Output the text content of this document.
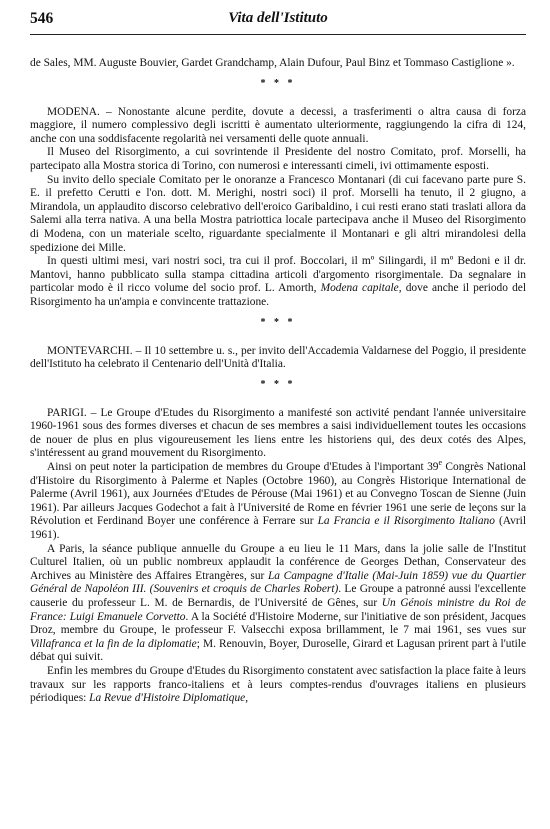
546	Vita dell'Istituto

de Sales, MM. Auguste Bouvier, Gardet Grandchamp, Alain Dufour, Paul Binz et Tommaso Castiglione ».

* * *

MODENA. – Nonostante alcune perdite, dovute a decessi, a trasferimenti o altra causa di forza maggiore, il numero complessivo degli iscritti è aumentato ulteriormente, raggiungendo la cifra di 124, anche con una soddisfacente regolarità nei versamenti delle quote annuali.

Il Museo del Risorgimento, a cui sovrintende il Presidente del nostro Comitato, prof. Morselli, ha partecipato alla Mostra storica di Torino, con numerosi e interessanti cimeli, ivi ottimamente esposti.

Su invito dello speciale Comitato per le onoranze a Francesco Montanari (di cui facevano parte pure S. E. il prefetto Cerutti e l'on. dott. M. Merighi, nostri soci) il prof. Morselli ha tenuto, il 2 giugno, a Mirandola, un applaudito discorso celebrativo dell'eroico Garibaldino, i cui resti erano stati traslati allora da Salemi alla terra nativa. A una bella Mostra patriottica locale partecipava anche il Museo del Risorgimento di Modena, con un materiale scelto, riguardante specialmente il Montanari e gli altri mirandolesi della spedizione dei Mille.

In questi ultimi mesi, vari nostri soci, tra cui il prof. Boccolari, il mº Silingardi, il mº Bedoni e il dr. Mantovi, hanno pubblicato sulla stampa cittadina articoli d'argomento risorgimentale. Da segnalare in particolar modo è il ricco volume del socio prof. L. Amorth, Modena capitale, dove anche il periodo del Risorgimento ha un'ampia e convincente trattazione.

* * *

MONTEVARCHI. – Il 10 settembre u. s., per invito dell'Accademia Valdarnese del Poggio, il presidente dell'Istituto ha celebrato il Centenario dell'Unità d'Italia.

* * *

PARIGI. – Le Groupe d'Etudes du Risorgimento a manifesté son activité pendant l'année universitaire 1960-1961 sous des formes diverses et chacun de ses membres a saisi individuellement toutes les occasions de nouer de plus en plus vigoureusement les liens entre les historiens qui, des deux cotés des Alpes, s'intéressent au grand mouvement du Risorgimento.

Ainsi on peut noter la participation de membres du Groupe d'Etudes à l'important 39e Congrès National d'Histoire du Risorgimento à Palerme et Naples (Octobre 1960), au Congrès Historique International de Palerme (Avril 1961), aux Journées d'Etudes de Pérouse (Mai 1961) et au Convegno Toscan de Sienne (Juin 1961). Par ailleurs Jacques Godechot a fait à l'Université de Rome en février 1961 une serie de leçons sur la Révolution et Ferdinand Boyer une conférence à Ferrare sur La Francia e il Risorgimento Italiano (Avril 1961).

A Paris, la séance publique annuelle du Groupe a eu lieu le 11 Mars, dans la jolie salle de l'Institut Culturel Italien, où un public nombreux applaudit la conférence de Georges Dethan, Conservateur des Archives au Ministère des Affaires Etrangères, sur La Campagne d'Italie (Mai-Juin 1859) vue du Quartier Général de Napoléon III. (Souvenirs et croquis de Charles Robert). Le Groupe a patronné aussi l'excellente causerie du professeur L. M. de Bernardis, de l'Université de Gênes, sur Un Génois ministre du Roi de France: Luigi Emanuele Corvetto. A la Société d'Histoire Moderne, sur l'initiative de son président, Jacques Droz, membre du Groupe, le professeur F. Valsecchi exposa brillamment, le 7 mai 1961, ses vues sur Villafranca et la fin de la diplomatie; M. Renouvin, Boyer, Duroselle, Girard et Lagusan prirent part à l'utile débat qui suivit.

Enfin les membres du Groupe d'Etudes du Risorgimento constatent avec satisfaction la place faite à leurs travaux sur les rapports franco-italiens et à leurs comptes-rendus d'ouvrages italiens en plusieurs périodiques: La Revue d'Histoire Diplomatique,
